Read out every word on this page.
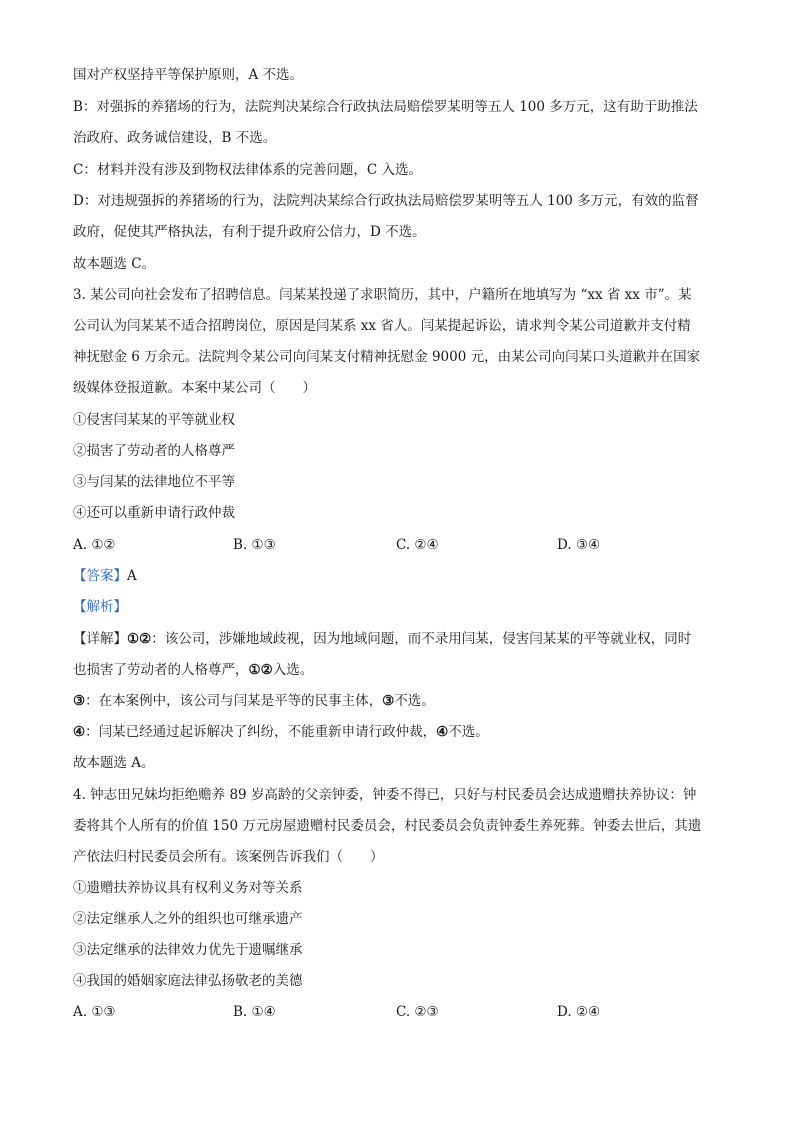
国对产权坚持平等保护原则，A 不选。
B：对强拆的养猪场的行为，法院判决某综合行政执法局赔偿罗某明等五人 100 多万元，这有助于助推法
治政府、政务诚信建设，B 不选。
C：材料并没有涉及到物权法律体系的完善问题，C 入选。
D：对违规强拆的养猪场的行为，法院判决某综合行政执法局赔偿罗某明等五人 100 多万元，有效的监督
政府，促使其严格执法，有利于提升政府公信力，D 不选。
故本题选 C。
3. 某公司向社会发布了招聘信息。闫某某投递了求职简历，其中，户籍所在地填写为 “xx 省 xx 市”。某
公司认为闫某某不适合招聘岗位，原因是闫某系 xx 省人。闫某提起诉讼，请求判令某公司道歉并支付精
神抚慰金 6 万余元。法院判令某公司向闫某支付精神抚慰金 9000 元，由某公司向闫某口头道歉并在国家
级媒体登报道歉。本案中某公司（　　）
①侵害闫某某的平等就业权
②损害了劳动者的人格尊严
③与闫某的法律地位不平等
④还可以重新申请行政仲裁
A. ①②	B. ①③	C. ②④	D. ③④
【答案】A
【解析】
【详解】①②：该公司，涉嫌地域歧视，因为地域问题，而不录用闫某，侵害闫某某的平等就业权，同时
也损害了劳动者的人格尊严，①②入选。
③：在本案例中，该公司与闫某是平等的民事主体，③不选。
④：闫某已经通过起诉解决了纠纷，不能重新申请行政仲裁，④不选。
故本题选 A。
4. 钟志田兄妹均拒绝赡养 89 岁高龄的父亲钟委，钟委不得已，只好与村民委员会达成遗赠扶养协议：钟
委将其个人所有的价值 150 万元房屋遗赠村民委员会，村民委员会负责钟委生养死葬。钟委去世后，其遗
产依法归村民委员会所有。该案例告诉我们（　　）
①遗赠扶养协议具有权利义务对等关系
②法定继承人之外的组织也可继承遗产
③法定继承的法律效力优先于遗嘱继承
④我国的婚姻家庭法律弘扬敬老的美德
A. ①③	B. ①④	C. ②③	D. ②④
